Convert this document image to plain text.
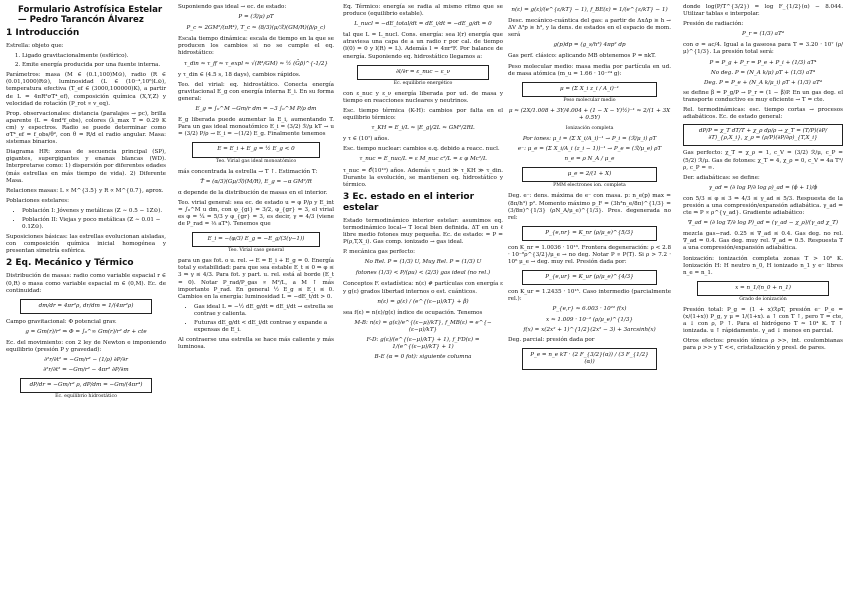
Formulario Astrofísica Estelar — Pedro Tarancón Álvarez
1 Introducción

Estrella: objeto que:

1. Ligado gravitacionalmente (esférico).
2. Emite energía producida por una fuente interna.

Parámetros: masa (M ∈ (0.1,100)M⊙), radio (R ∈ (0.01,1000)R⊙), luminosidad (L ∈ (10⁻⁴,10⁶)L⊙), temperatura efectiva (T_ef ∈ (3000,100000)K), a partir de L = 4πR²σT⁴_ef), composición química (X,Y,Z) y velocidad de rotación (P_rot ∝ v_eq).

Prop. observacionales: distancia (paralajes → pc), brilla aparente (L = 4πd²f_obs), colores (λ_max T = 0.29 K cm) y espectros. Radio se puede determinar como σT⁴_ef = f_obs/θ², con θ = R/d el radio angular. Masa: sistemas binarios.

Diagrama HR: zonas de secuencia principal (SP), gigantes, supergigantes y enanas blancas (WD). Interpretarse como: 1) dispersión por diferentes edades (más estrellas en más tiempo de vida). 2) Diferente Masa.

Relaciones masas: L ∝ M^{3.5} y R ∝ M^{0.7}, aprox.

Poblaciones estelares:

• Población I: Jóvenes y metálicas (Z ∼ 0.5 − 1Z⊙).
• Población II: Viejas y poco metálicas (Z ∼ 0.01 − 0.1Z⊙).

Suposiciones básicas: las estrellas evolucionan aisladas, con composición química inicial homogénea y presentan simetría esférica.

2 Eq. Mecánico y Térmico

Distribución de masas: radio como variable espacial r ∈ (0,R) o masa como variable espacial m ∈ (0,M). Ec. de continuidad:

dm/dr = 4πr²ρ, dr/dm = 1/(4πr²ρ)

Campo gravitacional: Φ potencial grav.

g = Gm(r)/r² ⇒ Φ = ∫₀^∞ Gm(r)/r² dr + cte

Ec. del movimiento: con 2 ley de Newton e imponiendo equilibrio (presión P y gravedad):

∂²r/∂t² = −Gm/r² − (1/ρ) ∂P/∂r
∂²r/∂t² = −Gm/r² − 4πr² ∂P/∂m
dP/dr = −Gm/r² ρ, dP/dm = −Gm/(4πr⁴)
Ec. equilibrio hidrostático

Suponiendo gas ideal → ec. de estado:

P = (ℛ/μ) ρT
P_c ≃ 2GM²/(πR⁴), T_c ≃ (8/3)(μ/ℛ)(GM/R)(ρ̄/ρ_c)

Escala tiempo dinámica: escala de tiempo en la que se producen los cambios si no se cumple el eq. hidrostático:

τ_din ≈ τ_ff ≈ τ_expl ≈ √(R³/GM) ≈ ½ (Ḡρ̄)^{-1/2}

y τ_din ∈ (4.5 s, 18 days), cambios rápidos.

Teo. del virial: eq. hidrostático. Conecta energía gravitacional E_g con energía interna E_i. En su forma general:

E_g = ∫₀^M −Gm/r dm = −3 ∫₀^M P/ρ dm

E_g liberada puede aumentar la E_i, aumentando T. Para un gas ideal monoatómico E_i = (3/2) ℛ/μ kT → u = (3/2) P/ρ → E_i = −(1/2) E_g. Finalmente tenemos

E = E_i + E_g = ½ E_g < 0
Teo. Virial gas ideal monoatómico

más concentrada la estrella → T ↑. Estimación T:

T̄ = (α/3)(Gμ/ℛ)(M/R), E_g = −α GM²/R

α depende de la distribución de masas en el interior.

Teo. virial general: sea ec. de estado u = φ P/ρ y E_int = ∫₀^M u dm, con φ_{gi} = 3/2, φ_{gr} = 3, el virial es φ = ¼ = 5/3 y φ_{gr} = 3, es decir, γ = 4/3 (viene de P_rad = ⅓ aT⁴). Tenemos que

E_i = −(φ/3) E_g = −E_g/(3(γ−1))
Teo. Virial caso general

para un gas fot. o u. rel. → E = E_i + E_g = 0. Energía total y estabilidad: para que sea estable E_t ≤ 0 ⇒ φ ≤ 3 ⇒ γ ≤ 4/3. Para fot. y part. u. rel. está al borde (E_t = 0). Notar P_rad/P_gas ∝ M²/L, a M ↑ más importante P_rad. En general ½ E_g ≤ E_i ≤ 0. Cambios en la energía: luminosidad L = −dE_t/dt > 0.

• Gas ideal L = −½ dE_g/dt = dE_i/dt → estrella se contrae y calienta.
• Futuras dE_g/dt < dE_i/dt contrae y expande a expensas de E_i.

Al contraerse una estrella se hace más caliente y más luminosa.

Eq. Térmico: energía se radia al mismo ritmo que se produce (equilibrio estable).

L_nucl = −dE_total/dt = dE_i/dt = −dE_g/dt = 0

tal que L = L_nucl. Cons. energía: sea l(r) energía que atraviesa una capa de a un radio r por cal. de tiempo (l(0) = 0 y l(R) = L). Además l = 4πr²F. Por balance de energía. Suponiendo eq. hidrostático llegamos a:

∂l/∂r = ε_nuc − ε_ν
Ec. equilibrio energético

con ε_nuc y ε_ν energía liberada por ud. de masa y tiempo en reacciones nucleares y neutrinos.

Esc. tiempo térmica (K-H): cambios por falta en el equilibrio térmico:

τ_KH = E_i/L ≈ |E_g|/2L ≈ GM²/2RL

y τ ∈ (10⁷) años.

Esc. tiempo nuclear: cambios e.q. debido a reacc. nucl.

τ_nuc = E_nuc/L = ε M_nuc c²/L = ε φ Mc²/L

τ_nuc = 𝒪(10¹⁰) años. Además τ_nucl ≫ τ_KH ≫ τ_din. Durante la evolución, se mantienen eq. hidrostático y térmico.

3 Ec. estado en el interior estelar

Estado termodinámico interior estelar: asumimos eq. termodinámico local→ T local bien definida. ΔT en un ℓ libre medio fotones muy pequeña. Ec. de estado: = P = P(ρ,T,X_i). Gas comp. ionizado → gas ideal.

P. mecánica gas perfecto:

No Rel. P = (1/3) U, Muy Rel. P = (1/3) U
fotones (1/3) < P/(ρu) < (2/3) gas ideal (no rel.)

Conceptos F. estadística: n(ε) # partículas con energía ε y g(ε) grados libertad internos o est. cuánticos.

n(ε) = g(ε) / (e^{(ε−μ)/kT} + β)

sea f(ε) = n(ε)/g(ε) índice de ocupación. Tenemos

M-B: n(ε) = g(ε)/e^{(ε−μ)/kT}, f_MB(ε) = e^{−(ε−μ)/kT}
F-D: g(ε)/(e^{(ε−μ)/kT} + 1), f_FD(ε) = 1/(e^{(ε−μ)/kT} + 1)
B-E (α = 0 fot): siguiente columna
n(ε) = g(ε)/(e^{ε/kT} − 1), f_BE(ε) = 1/(e^{ε/kT} − 1)

Desc. mecánico-cuántica del gas: a partir de ΔxΔp ≥ h → ΔV Δ³p ≥ h³, y la dens. de estados en el espacio de mom. será

g(p)dp = (g_s/h³) 4πp² dp

Gas perf. clásico: aplicando MB obtenemos P = nkT.

Peso molecular medio: masa media por partícula en ud. de masa atómica (m_u = 1.66 · 10⁻²⁴ g):

μ = (Σ X_i z_i / A_i)⁻¹
Peso molecular medio
μ ≈ (2X/1.008 + 3Y/4.004 + (1 − X − Y)½)⁻¹ ≈ 2/(1 + 3X + 0.5Y)
Ionización completa
Por iones: μ_i = (Σ X_i/A_i)⁻¹ → P_i = (ℛ/μ_i) ρT
e⁻: μ_e = (Σ X_i/A_i (z_i − 1))⁻¹ → P_e = (ℛ/μ_e) ρT
n_e = ρ N_A / μ_e
μ_e = 2/(1 + X)
PMM electrones ion. completa

Deg. e⁻: dens. máxima de e⁻ con masa. p: n_e(p) max = (8π/h³) p². Momento máximo p_F = (3h³n_e/8π)^{1/3} = (3/8π)^{1/3} (ρN_A/μ_e)^{1/3}. Pres. degenerada no rel:

P_{e,nr} = K_nr (ρ/μ_e)^{5/3}

con K_nr = 1.0036 · 10¹³. Frontera degeneración: ρ < 2.8 · 10⁻⁸ρ^{3/2}/μ_e → no deg. Notar P ∝ P(T). Si ρ > 7.2 · 10⁶ μ_e → deg. muy rel. Presión dada por:

P_{e,ur} = K_ur (ρ/μ_e)^{4/3}

con K_ur = 1.2435 · 10¹⁵. Caso intermedio (parcialmente rel.):

P_{e,r} ≈ 6.003 · 10²² f(x)
x ≈ 1.009 · 10⁻² (ρ/μ_e)^{1/3}
f(x) = x(2x² + 1)^{1/2}(2x² − 3) + 3arcsinh(x)

Deg. parcial: presión dada por

P_e = n_e kT · (2 F_{3/2}(α)) / (3 F_{1/2}(α))

donde log(P/T^{3/2}) = log F_{1/2}(α) − 8.044. Utilizar tablas e interpolar.

Presión de radiación:

P_r = (1/3) aT⁴

con σ = ac/4. Igual a la gaseosa para T = 3.20 · 10⁷ (ρ/μ)^{1/3}. La presión total será:

P = P_g + P_r = P_e + P_i + (1/3) aT⁴
No deg. P = (N_A k/μ) ρT + (1/3) aT⁴
Deg. P = P_e + (N_A k/μ_i) ρT + (1/3) aT⁴

se define β = P_g/P → P_r = (1 − β)P. En un gas deg. el transporte conductivo es muy eficiente → T = cte.

Rel. termodinámicas: esc. tiempo cortas → procesos adiabáticos. Ec. de estado general:

dP/P = χ_T dT/T + χ_ρ dρ/ρ → χ_T = (T/P)(∂P/∂T)_{ρ,X_i}, χ_ρ = (ρ/P)(∂P/∂ρ)_{T,X_i}

Gas perfecto: χ_T = χ_ρ = 1, c_V = (3/2) ℛ/μ, c_P = (5/2) ℛ/μ. Gas de fotones: χ_T = 4, χ_ρ = 0, c_V = 4a T³/ρ, c_P = ∞.

Der. adiabáticas: se define:

γ_ad = (∂ log P/∂ log ρ)_ad = (ϕ + 1)/ϕ

con 5/3 ≤ φ ≤ 3 ⇒ 4/3 ≤ γ_ad ≤ 5/3. Respuesta de la presión a una compresión/expansión adiabática. γ_ad = cte ⇒ P ∝ ρ^{γ_ad}. Gradiente adiabático:

∇_ad = (∂ log T/∂ log P)_ad = (γ_ad − χ_ρ)/(γ_ad χ_T)

mezcla gas−rad. 0.25 ≤ ∇_ad ≤ 0.4. Gas deg. no rel. ∇_ad = 0.4. Gas deg. muy rel. ∇_ad = 0.5. Respuesta T a una compresión/expansión adiabática.

Ionización: ionización completa zonas T > 10⁶ K. Ionización H: H neutro n_0, H ionizado n_1 y e⁻ libres n_e = n_1.

x = n_1/(n_0 + n_1)
Grado de ionización

Presión total: P_g = (1 + x)ℛρT, presión e⁻ P_e = (x/(1+x)) P_g, y μ = 1/(1+x). a ↑ con T ↑, pero T = cte, a ↓ con ρ, P ↑. Para el hidrógeno T ≃ 10⁴ K. T ↑ ionizada. u ↑ rápidamente. γ_ad ↓ menos en parcial.

Otros efectos: presión iónica ρ >>, int. coulombianas para ρ >> y T <<, cristalización y presl. de pares.
